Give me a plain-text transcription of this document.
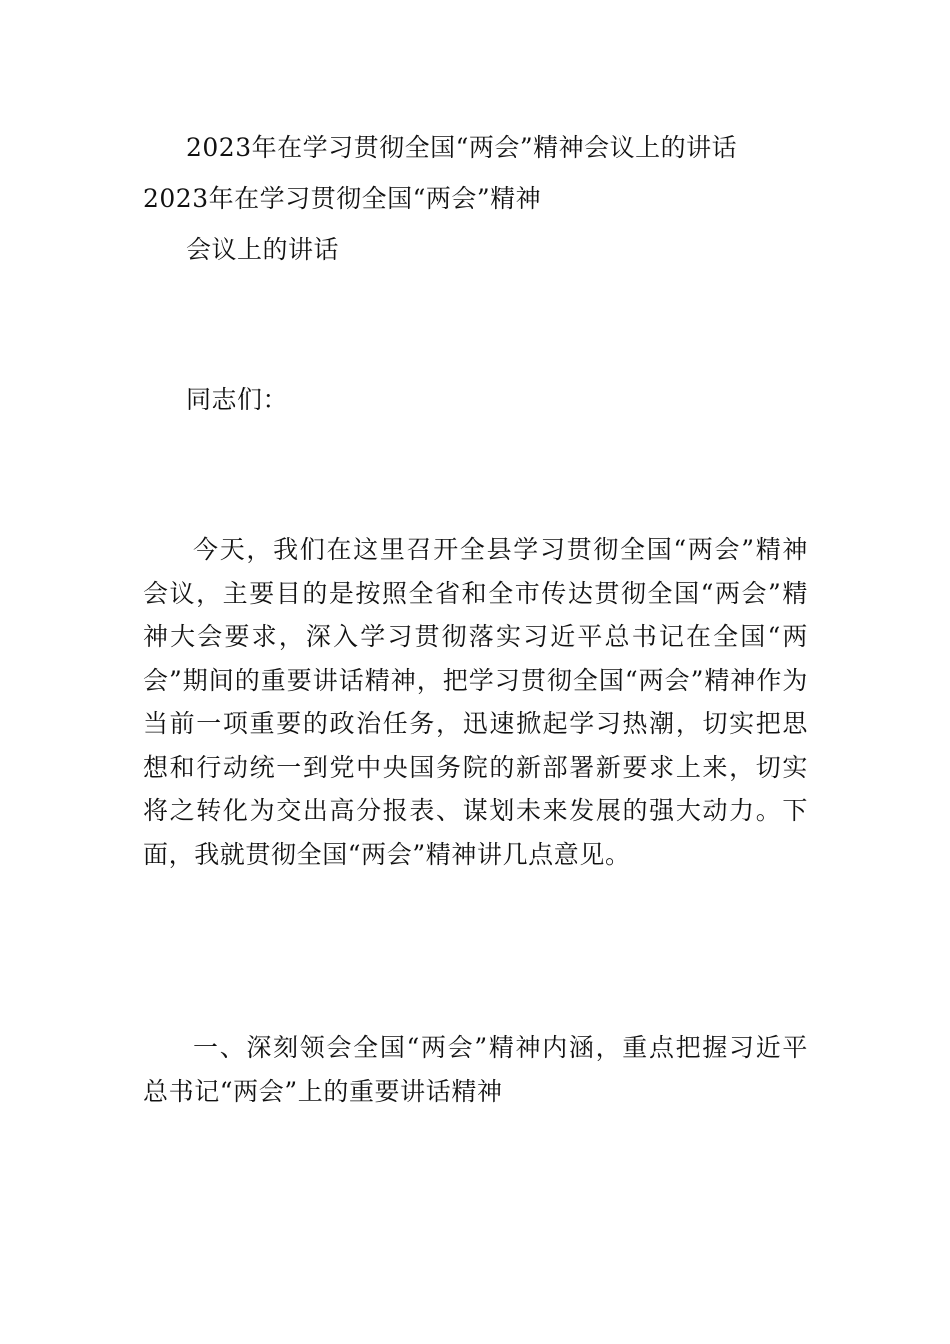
2023年在学习贯彻全国“两会”精神会议上的讲话
2023年在学习贯彻全国“两会”精神
会议上的讲话
同志们：
今天，我们在这里召开全县学习贯彻全国“两会”精神会议，主要目的是按照全省和全市传达贯彻全国“两会”精神大会要求，深入学习贯彻落实习近平总书记在全国“两会”期间的重要讲话精神，把学习贯彻全国“两会”精神作为当前一项重要的政治任务，迅速掀起学习热潮，切实把思想和行动统一到党中央国务院的新部署新要求上来，切实将之转化为交出高分报表、谋划未来发展的强大动力。下面，我就贯彻全国“两会”精神讲几点意见。
一、深刻领会全国“两会”精神内涵，重点把握习近平总书记“两会”上的重要讲话精神
